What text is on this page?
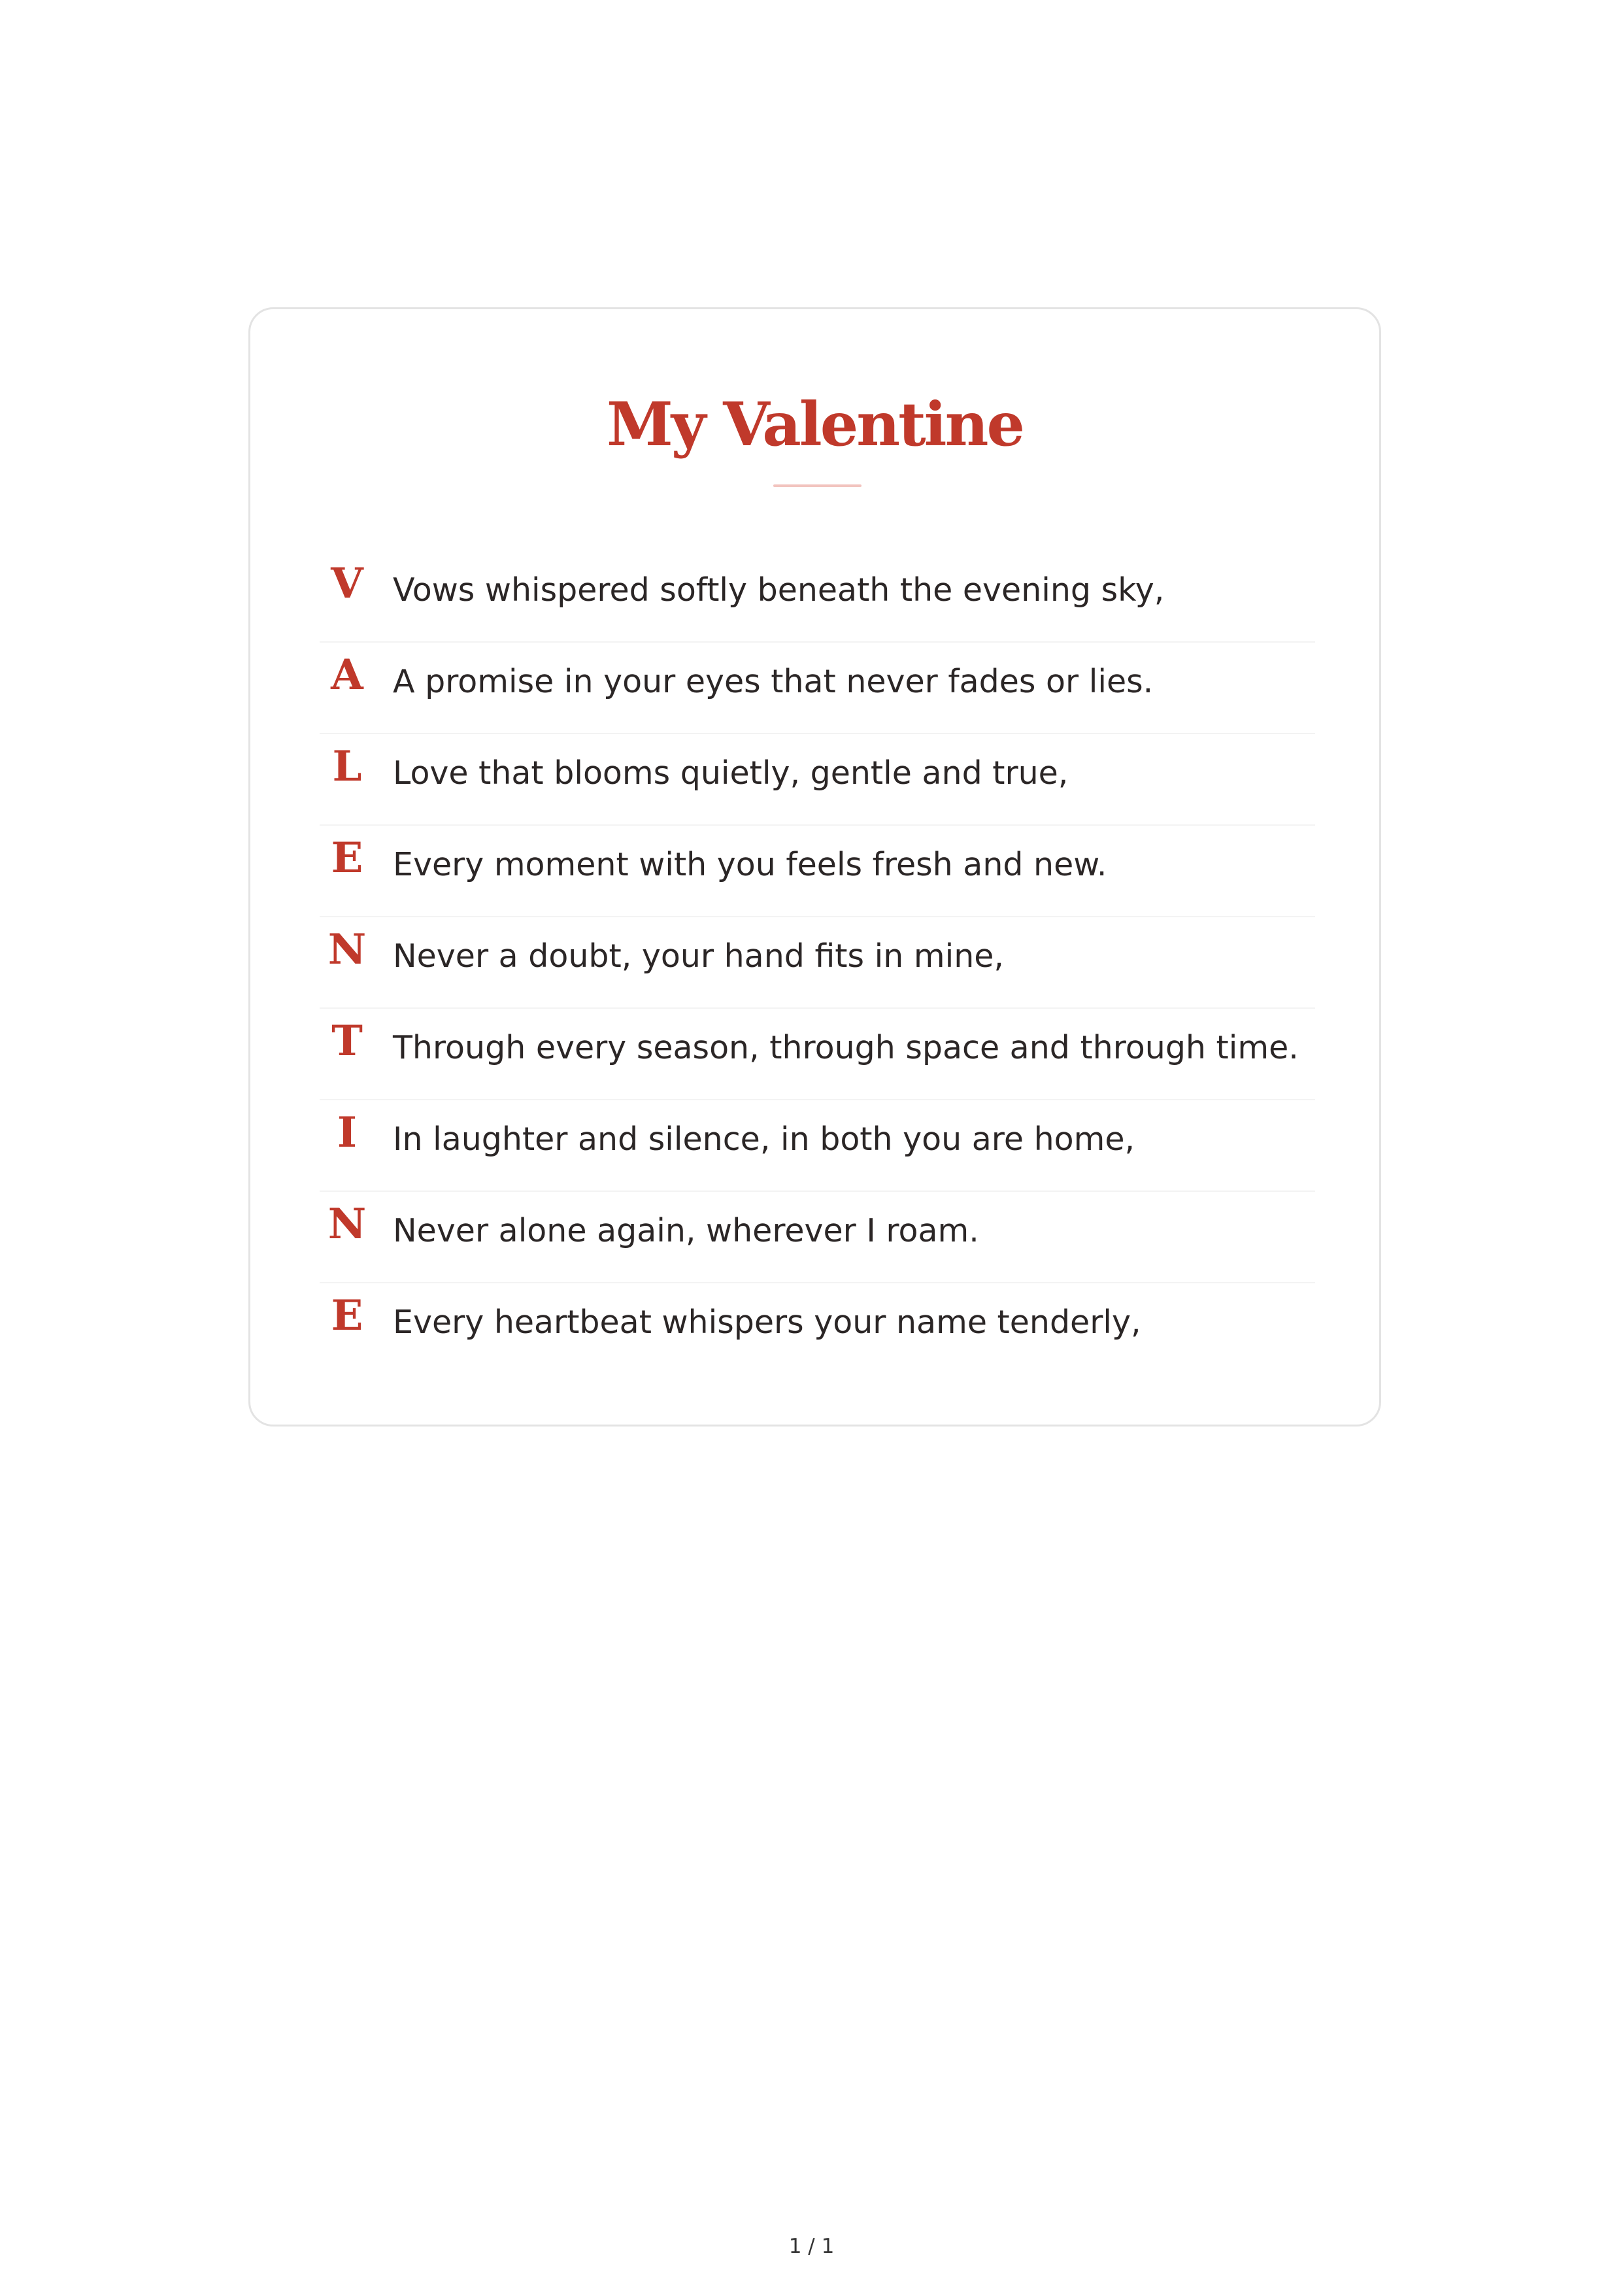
My Valentine
V Vows whispered softly beneath the evening sky,
A A promise in your eyes that never fades or lies.
L Love that blooms quietly, gentle and true,
E Every moment with you feels fresh and new.
N Never a doubt, your hand fits in mine,
T Through every season, through space and through time.
I	In laughter and silence, in both you are home,
N Never alone again, wherever I roam.
E Every heartbeat whispers your name tenderly,
1 / 1
